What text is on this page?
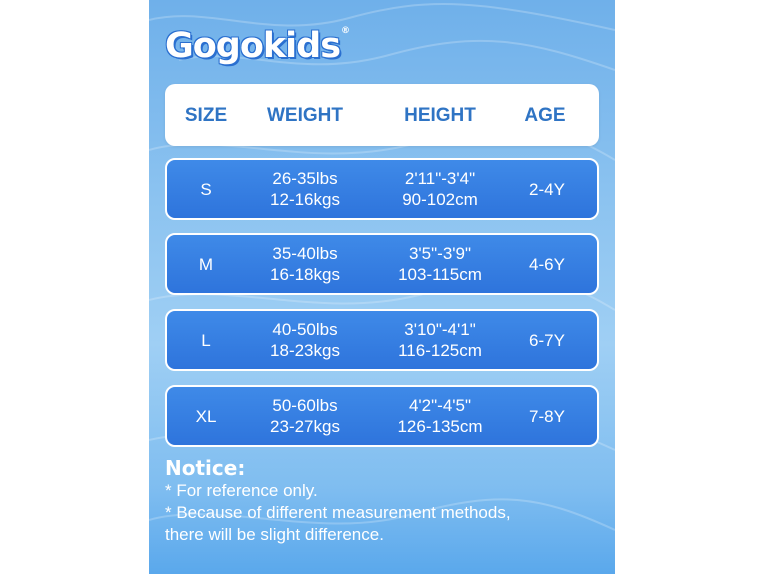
Gogokids®
SIZE WEIGHT	HEIGHT	AGE
S
26-35lbs
12-16kgs
2'11"-3'4"
90-102cm
2-4Y
M
35-40lbs
16-18kgs
3'5"-3'9"
103-115cm
4-6Y
L
40-50lbs
18-23kgs
3'10"-4'1"
116-125cm
6-7Y
XL
50-60lbs
23-27kgs
4'2"-4'5"
126-135cm
7-8Y
Notice:
* For reference only.
* Because of different measurement methods,
there will be slight difference.
